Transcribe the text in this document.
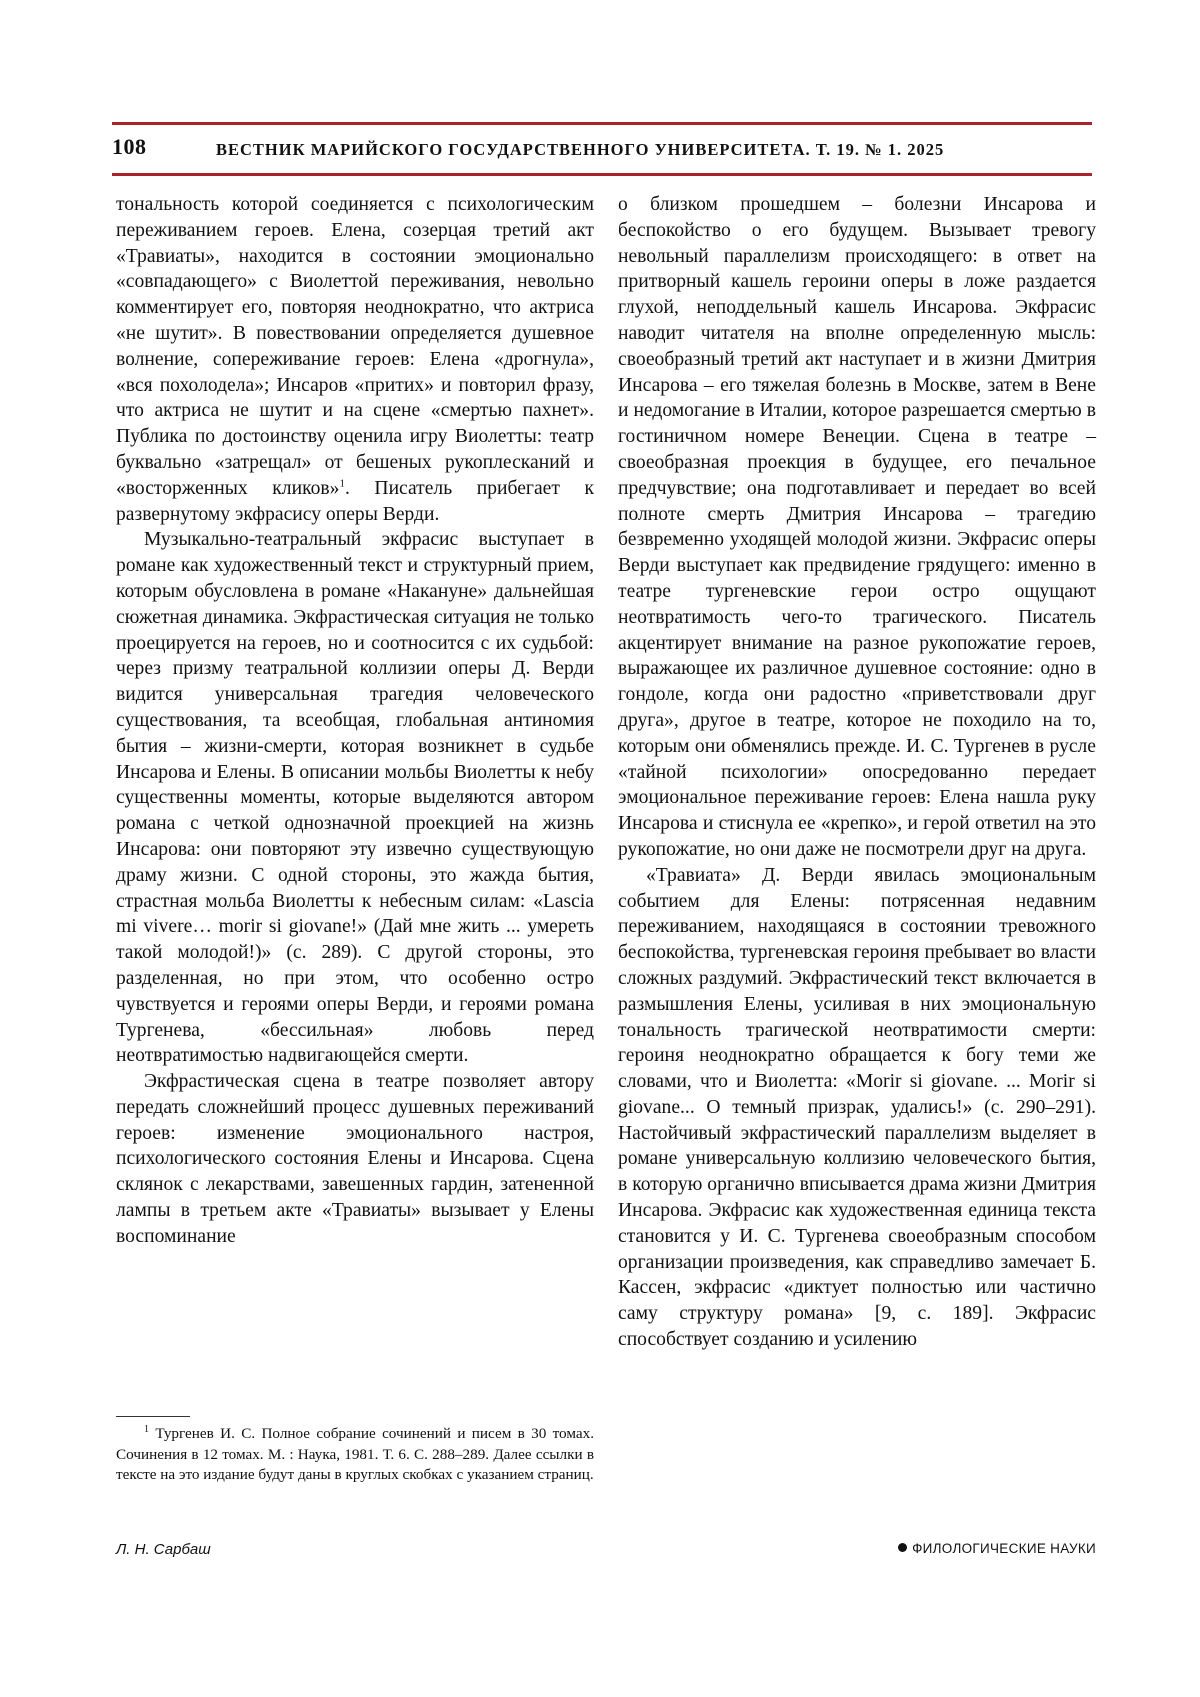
108	ВЕСТНИК МАРИЙСКОГО ГОСУДАРСТВЕННОГО УНИВЕРСИТЕТА. Т. 19. № 1. 2025

тональность которой соединяется с психологическим переживанием героев. Елена, созерцая третий акт «Травиаты», находится в состоянии эмоционально «совпадающего» с Виолеттой переживания, невольно комментирует его, повторяя неоднократно, что актриса «не шутит». В повествовании определяется душевное волнение, сопереживание героев: Елена «дрогнула», «вся похолодела»; Инсаров «притих» и повторил фразу, что актриса не шутит и на сцене «смертью пахнет». Публика по достоинству оценила игру Виолетты: театр буквально «затрещал» от бешеных рукоплесканий и «восторженных кликов»$^1$. Писатель прибегает к развернутому экфрасису оперы Верди.

Музыкально-театральный экфрасис выступает в романе как художественный текст и структурный прием, которым обусловлена в романе «Накануне» дальнейшая сюжетная динамика. Экфрастическая ситуация не только проецируется на героев, но и соотносится с их судьбой: через призму театральной коллизии оперы Д. Верди видится универсальная трагедия человеческого существования, та всеобщая, глобальная антиномия бытия – жизни-смерти, которая возникнет в судьбе Инсарова и Елены. В описании мольбы Виолетты к небу существенны моменты, которые выделяются автором романа с четкой однозначной проекцией на жизнь Инсарова: они повторяют эту извечно существующую драму жизни. С одной стороны, это жажда бытия, страстная мольба Виолетты к небесным силам: «Lascia mi vivere… morir si giovane!» (Дай мне жить ... умереть такой молодой!)» (с. 289). С другой стороны, это разделенная, но при этом, что особенно остро чувствуется и героями оперы Верди, и героями романа Тургенева, «бессильная» любовь перед неотвратимостью надвигающейся смерти.

Экфрастическая сцена в театре позволяет автору передать сложнейший процесс душевных переживаний героев: изменение эмоционального настроя, психологического состояния Елены и Инсарова. Сцена склянок с лекарствами, завешенных гардин, затененной лампы в третьем акте «Травиаты» вызывает у Елены воспоминание

о близком прошедшем – болезни Инсарова и беспокойство о его будущем. Вызывает тревогу невольный параллелизм происходящего: в ответ на притворный кашель героини оперы в ложе раздается глухой, неподдельный кашель Инсарова. Экфрасис наводит читателя на вполне определенную мысль: своеобразный третий акт наступает и в жизни Дмитрия Инсарова – его тяжелая болезнь в Москве, затем в Вене и недомогание в Италии, которое разрешается смертью в гостиничном номере Венеции. Сцена в театре – своеобразная проекция в будущее, его печальное предчувствие; она подготавливает и передает во всей полноте смерть Дмитрия Инсарова – трагедию безвременно уходящей молодой жизни. Экфрасис оперы Верди выступает как предвидение грядущего: именно в театре тургеневские герои остро ощущают неотвратимость чего-то трагического. Писатель акцентирует внимание на разное рукопожатие героев, выражающее их различное душевное состояние: одно в гондоле, когда они радостно «приветствовали друг друга», другое в театре, которое не походило на то, которым они обменялись прежде. И. С. Тургенев в русле «тайной психологии» опосредованно передает эмоциональное переживание героев: Елена нашла руку Инсарова и стиснула ее «крепко», и герой ответил на это рукопожатие, но они даже не посмотрели друг на друга.

«Травиата» Д. Верди явилась эмоциональным событием для Елены: потрясенная недавним переживанием, находящаяся в состоянии тревожного беспокойства, тургеневская героиня пребывает во власти сложных раздумий. Экфрастический текст включается в размышления Елены, усиливая в них эмоциональную тональность трагической неотвратимости смерти: героиня неоднократно обращается к богу теми же словами, что и Виолетта: «Morir si giovane. ... Morir si giovane... О темный призрак, удались!» (с. 290–291). Настойчивый экфрастический параллелизм выделяет в романе универсальную коллизию человеческого бытия, в которую органично вписывается драма жизни Дмитрия Инсарова. Экфрасис как художественная единица текста становится у И. С. Тургенева своеобразным способом организации произведения, как справедливо замечает Б. Кассен, экфрасис «диктует полностью или частично саму структуру романа» [9, с. 189]. Экфрасис способствует созданию и усилению

$^1$ Тургенев И. С. Полное собрание сочинений и писем в 30 томах. Сочинения в 12 томах. М. : Наука, 1981. Т. 6. С. 288–289. Далее ссылки в тексте на это издание будут даны в круглых скобках с указанием страниц.
Л. Н. Сарбаш	ФИЛОЛОГИЧЕСКИЕ НАУКИ
